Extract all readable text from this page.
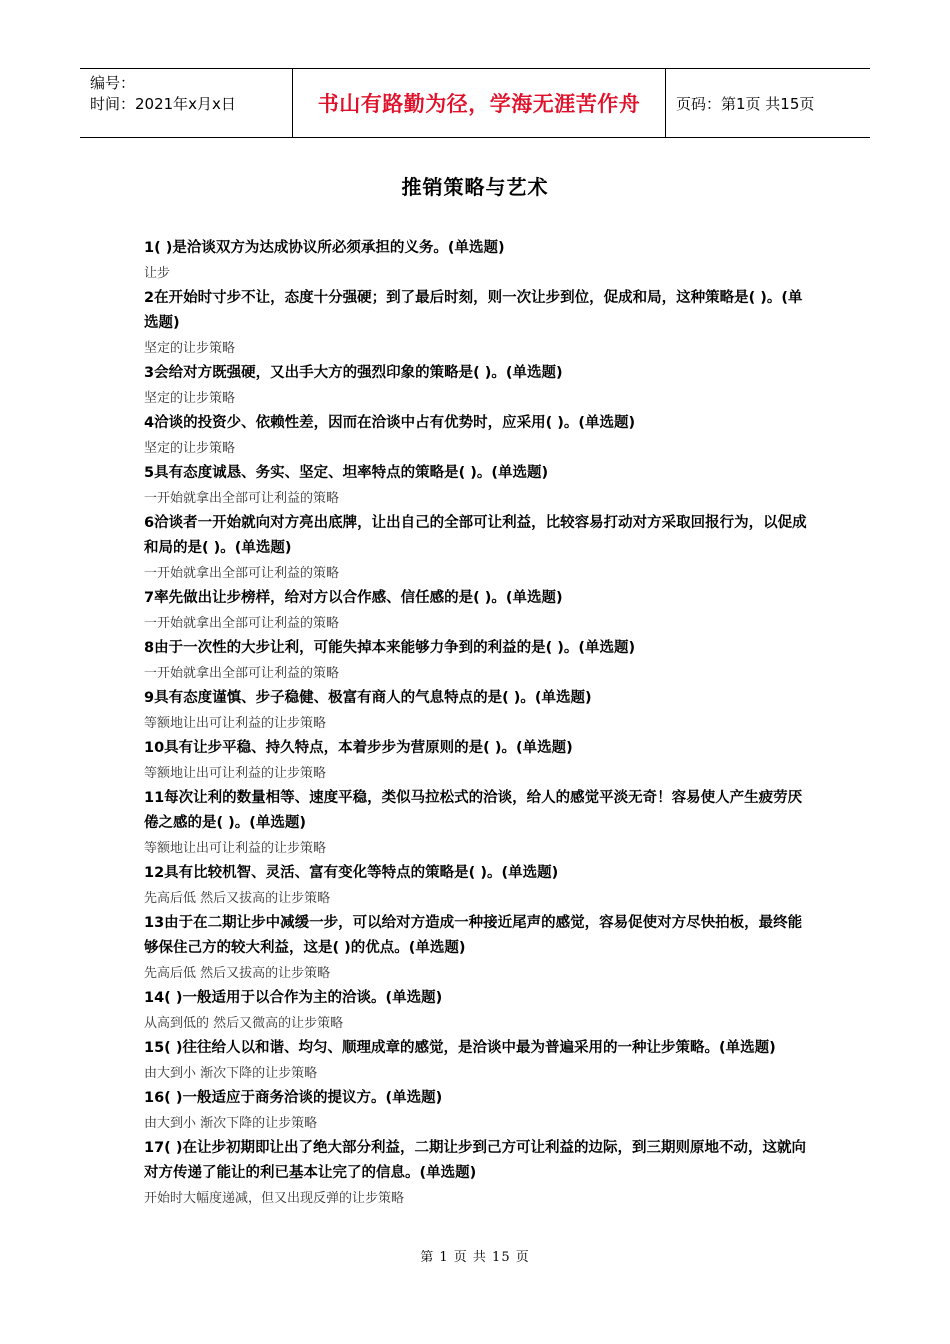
编号：
时间：2021年x月x日	书山有路勤为径，学海无涯苦作舟	页码：第1页 共15页
推销策略与艺术
1( )是洽谈双方为达成协议所必须承担的义务。(单选题)
让步
2在开始时寸步不让，态度十分强硬；到了最后时刻，则一次让步到位，促成和局，这种策略是( )。(单选题)
坚定的让步策略
3会给对方既强硬，又出手大方的强烈印象的策略是( )。(单选题)
坚定的让步策略
4洽谈的投资少、依赖性差，因而在洽谈中占有优势时，应采用( )。(单选题)
坚定的让步策略
5具有态度诚恳、务实、坚定、坦率特点的策略是( )。(单选题)
一开始就拿出全部可让利益的策略
6洽谈者一开始就向对方亮出底牌，让出自己的全部可让利益，比较容易打动对方采取回报行为，以促成和局的是( )。(单选题)
一开始就拿出全部可让利益的策略
7率先做出让步榜样，给对方以合作感、信任感的是( )。(单选题)
一开始就拿出全部可让利益的策略
8由于一次性的大步让利，可能失掉本来能够力争到的利益的是( )。(单选题)
一开始就拿出全部可让利益的策略
9具有态度谨慎、步子稳健、极富有商人的气息特点的是( )。(单选题)
等额地让出可让利益的让步策略
10具有让步平稳、持久特点，本着步步为营原则的是( )。(单选题)
等额地让出可让利益的让步策略
11每次让利的数量相等、速度平稳，类似马拉松式的洽谈，给人的感觉平淡无奇！容易使人产生疲劳厌倦之感的是( )。(单选题)
等额地让出可让利益的让步策略
12具有比较机智、灵活、富有变化等特点的策略是( )。(单选题)
先高后低 然后又拔高的让步策略
13由于在二期让步中减缓一步，可以给对方造成一种接近尾声的感觉，容易促使对方尽快拍板，最终能够保住己方的较大利益，这是( )的优点。(单选题)
先高后低 然后又拔高的让步策略
14( )一般适用于以合作为主的洽谈。(单选题)
从高到低的 然后又微高的让步策略
15( )往往给人以和谐、均匀、顺理成章的感觉，是洽谈中最为普遍采用的一种让步策略。(单选题)
由大到小 渐次下降的让步策略
16( )一般适应于商务洽谈的提议方。(单选题)
由大到小 渐次下降的让步策略
17( )在让步初期即让出了绝大部分利益，二期让步到己方可让利益的边际，到三期则原地不动，这就向对方传递了能让的利已基本让完了的信息。(单选题)
开始时大幅度递减，但又出现反弹的让步策略
第 1 页 共 15 页
